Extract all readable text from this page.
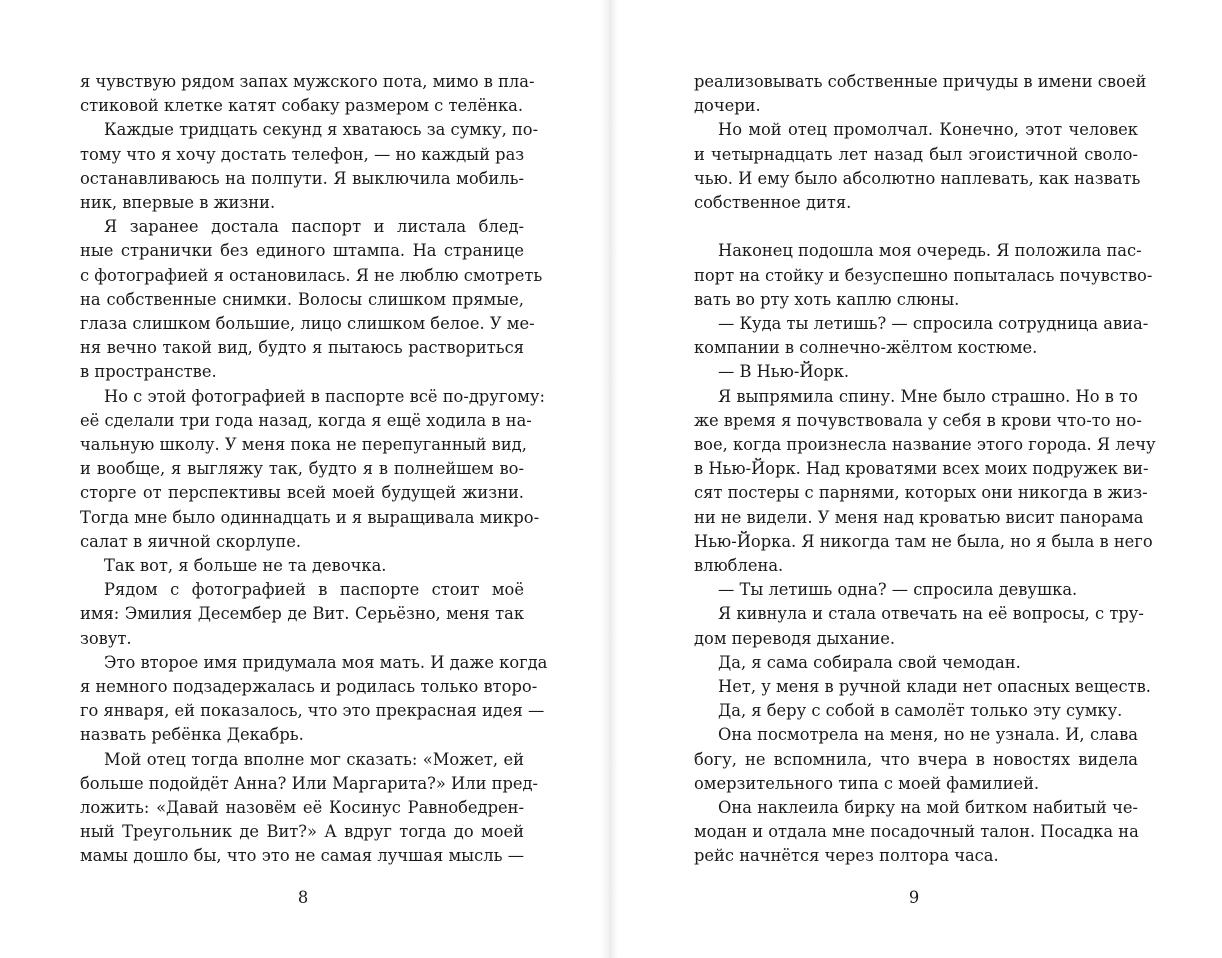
я чувствую рядом запах мужского пота, мимо в пла-
стиковой клетке катят собаку размером с телёнка.
Каждые тридцать секунд я хватаюсь за сумку, по-
тому что я хочу достать телефон, — но каждый раз
останавливаюсь на полпути. Я выключила мобиль-
ник, впервые в жизни.
Я заранее достала паспорт и листала блед-
ные странички без единого штампа. На странице
с фотографией я остановилась. Я не люблю смотреть
на собственные снимки. Волосы слишком прямые,
глаза слишком большие, лицо слишком белое. У ме-
ня вечно такой вид, будто я пытаюсь раствориться
в пространстве.
Но с этой фотографией в паспорте всё по-другому:
её сделали три года назад, когда я ещё ходила в на-
чальную школу. У меня пока не перепуганный вид,
и вообще, я выгляжу так, будто я в полнейшем во-
сторге от перспективы всей моей будущей жизни.
Тогда мне было одиннадцать и я выращивала микро-
салат в яичной скорлупе.
Так вот, я больше не та девочка.
Рядом с фотографией в паспорте стоит моё
имя: Эмилия Десембер де Вит. Серьёзно, меня так
зовут.
Это второе имя придумала моя мать. И даже когда
я немного подзадержалась и родилась только второ-
го января, ей показалось, что это прекрасная идея —
назвать ребёнка Декабрь.
Мой отец тогда вполне мог сказать: «Может, ей
больше подойдёт Анна? Или Маргарита?» Или пред-
ложить: «Давай назовём её Косинус Равнобедрен-
ный Треугольник де Вит?» А вдруг тогда до моей
мамы дошло бы, что это не самая лучшая мысль —
реализовывать собственные причуды в имени своей
дочери.
Но мой отец промолчал. Конечно, этот человек
и четырнадцать лет назад был эгоистичной сволo-
чью. И ему было абсолютно наплевать, как назвать
собственное дитя.
Наконец подошла моя очередь. Я положила пас-
порт на стойку и безуспешно попыталась почувство-
вать во рту хоть каплю слюны.
— Куда ты летишь? — спросила сотрудница авиа-
компании в солнечно-жёлтом костюме.
— В Нью-Йорк.
Я выпрямила спину. Мне было страшно. Но в то
же время я почувствовала у себя в крови что-то но-
вое, когда произнесла название этого города. Я лечу
в Нью-Йорк. Над кроватями всех моих подружек ви-
сят постеры с парнями, которых они никогда в жиз-
ни не видели. У меня над кроватью висит панорама
Нью-Йорка. Я никогда там не была, но я была в него
влюблена.
— Ты летишь одна? — спросила девушка.
Я кивнула и стала отвечать на её вопросы, с тру-
дом переводя дыхание.
Да, я сама собирала свой чемодан.
Нет, у меня в ручной клади нет опасных веществ.
Да, я беру с собой в самолёт только эту сумку.
Она посмотрела на меня, но не узнала. И, слава
богу, не вспомнила, что вчера в новостях видела
омерзительного типа с моей фамилией.
Она наклеила бирку на мой битком набитый че-
модан и отдала мне посадочный талон. Посадка на
рейс начнётся через полтора часа.
8	9
